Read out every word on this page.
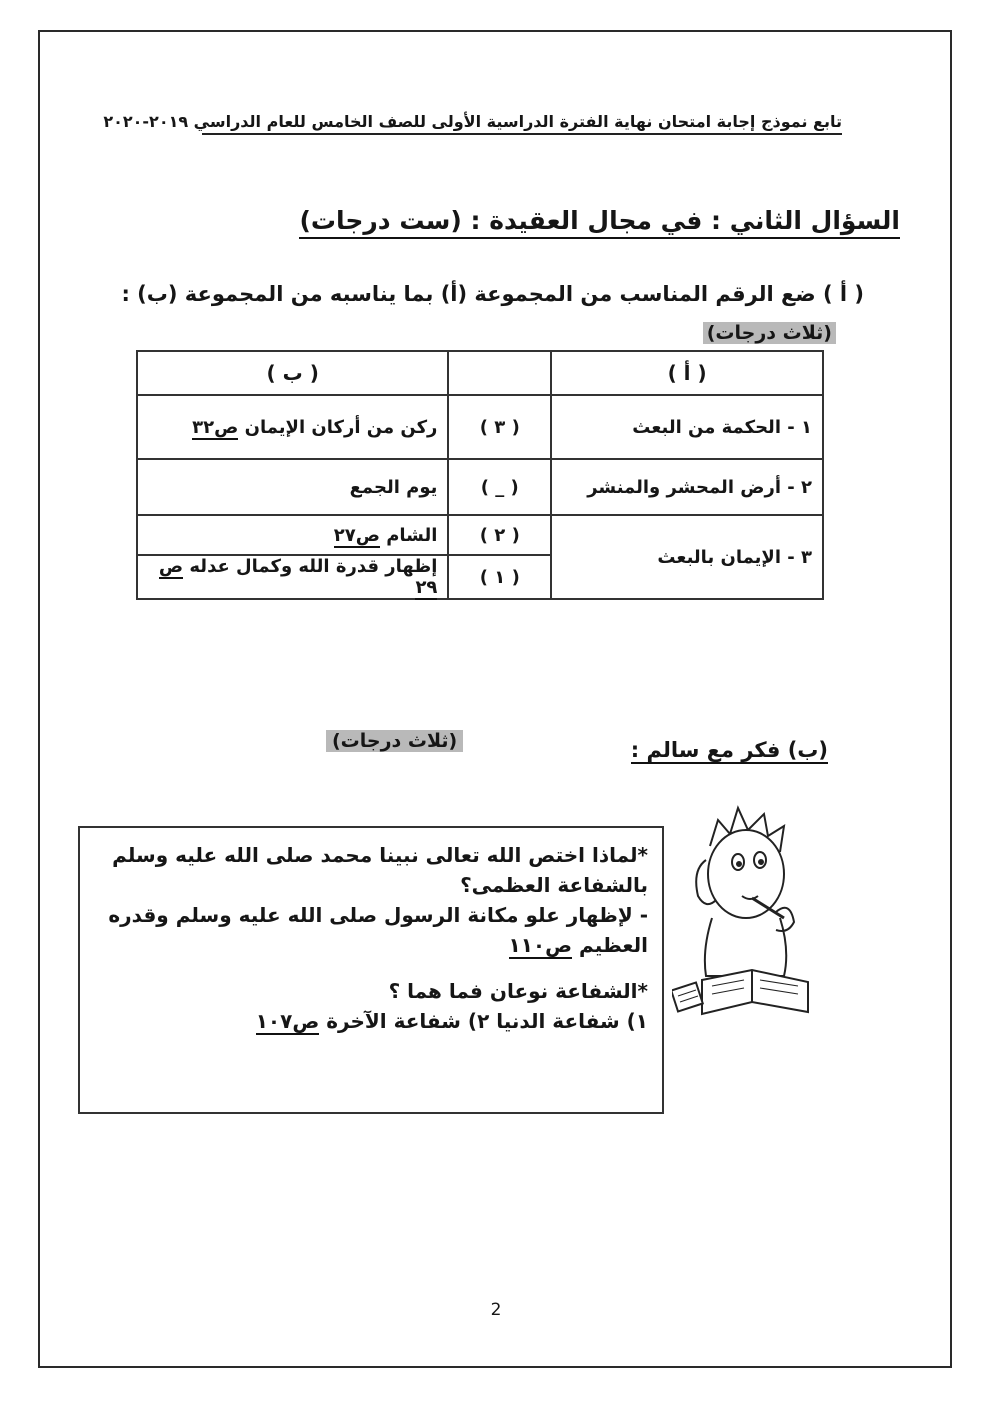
تابع نموذج إجابة امتحان نهاية الفترة الدراسية الأولى للصف الخامس للعام الدراسي ٢٠١٩-٢٠٢٠
السؤال الثاني : في مجال العقيدة : (ست درجات)
( أ ) ضع الرقم المناسب من المجموعة (أ) بما يناسبه من المجموعة (ب) :
(ثلاث درجات)
( أ )		( ب )
١ - الحكمة من البعث	( ٣ )	ركن من أركان الإيمان ص٣٢
٢ - أرض المحشر والمنشر	( _ )	يوم الجمع
٣ - الإيمان بالبعث	( ٢ )	الشام ص٢٧
	( ١ )	إظهار قدرة الله وكمال عدله ص ٢٩
(ب) فكر مع سالم :
(ثلاث درجات)

*لماذا اختص الله تعالى نبينا محمد صلى الله عليه وسلم بالشفاعة العظمى؟

- لإظهار علو مكانة الرسول صلى الله عليه وسلم وقدره العظيم ص١١٠

*الشفاعة نوعان فما هما ؟

١) شفاعة الدنيا ٢) شفاعة الآخرة ص١٠٧

2
